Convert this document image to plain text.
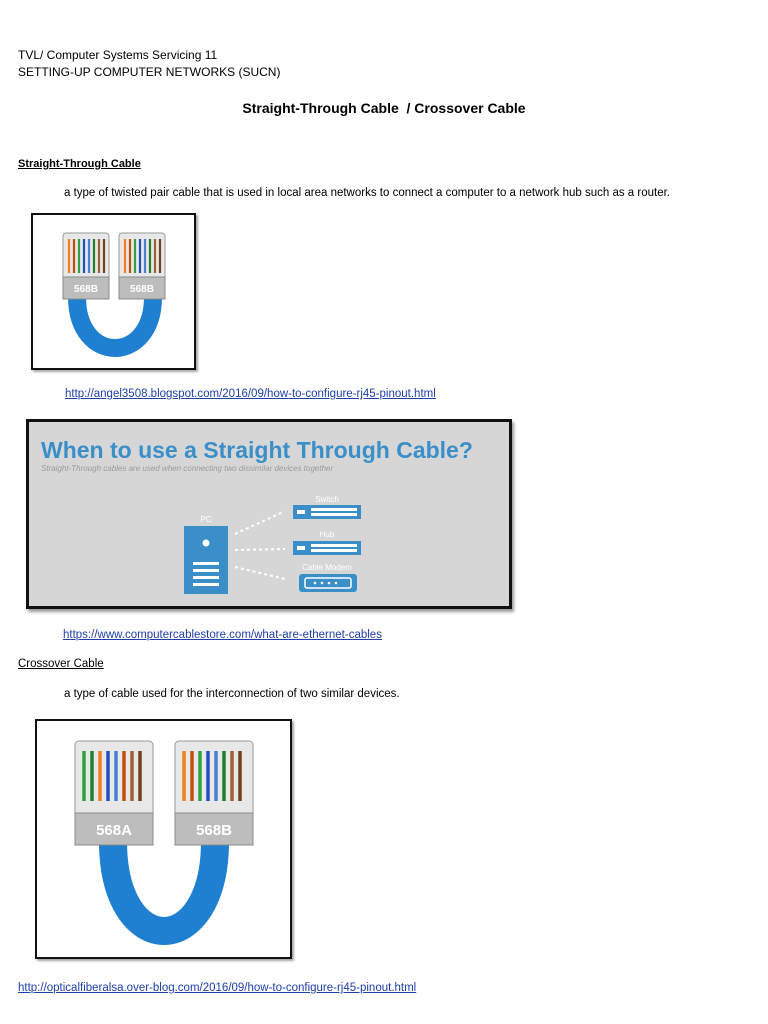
TVL/ Computer Systems Servicing 11
SETTING-UP COMPUTER NETWORKS (SUCN)
Straight-Through Cable  / Crossover Cable
Straight-Through Cable
a type of twisted pair cable that is used in local area networks to connect a computer to a network hub such as a router.
568B	568B
http://angel3508.blogspot.com/2016/09/how-to-configure-rj45-pinout.html
When to use a Straight Through Cable?
Straight-Through cables are used when connecting two dissimilar devices together
PC
Switch
Hub
Cable Modem
https://www.computercablestore.com/what-are-ethernet-cables
Crossover Cable
a type of cable used for the interconnection of two similar devices.
568A	568B
http://opticalfiberalsa.over-blog.com/2016/09/how-to-configure-rj45-pinout.html
